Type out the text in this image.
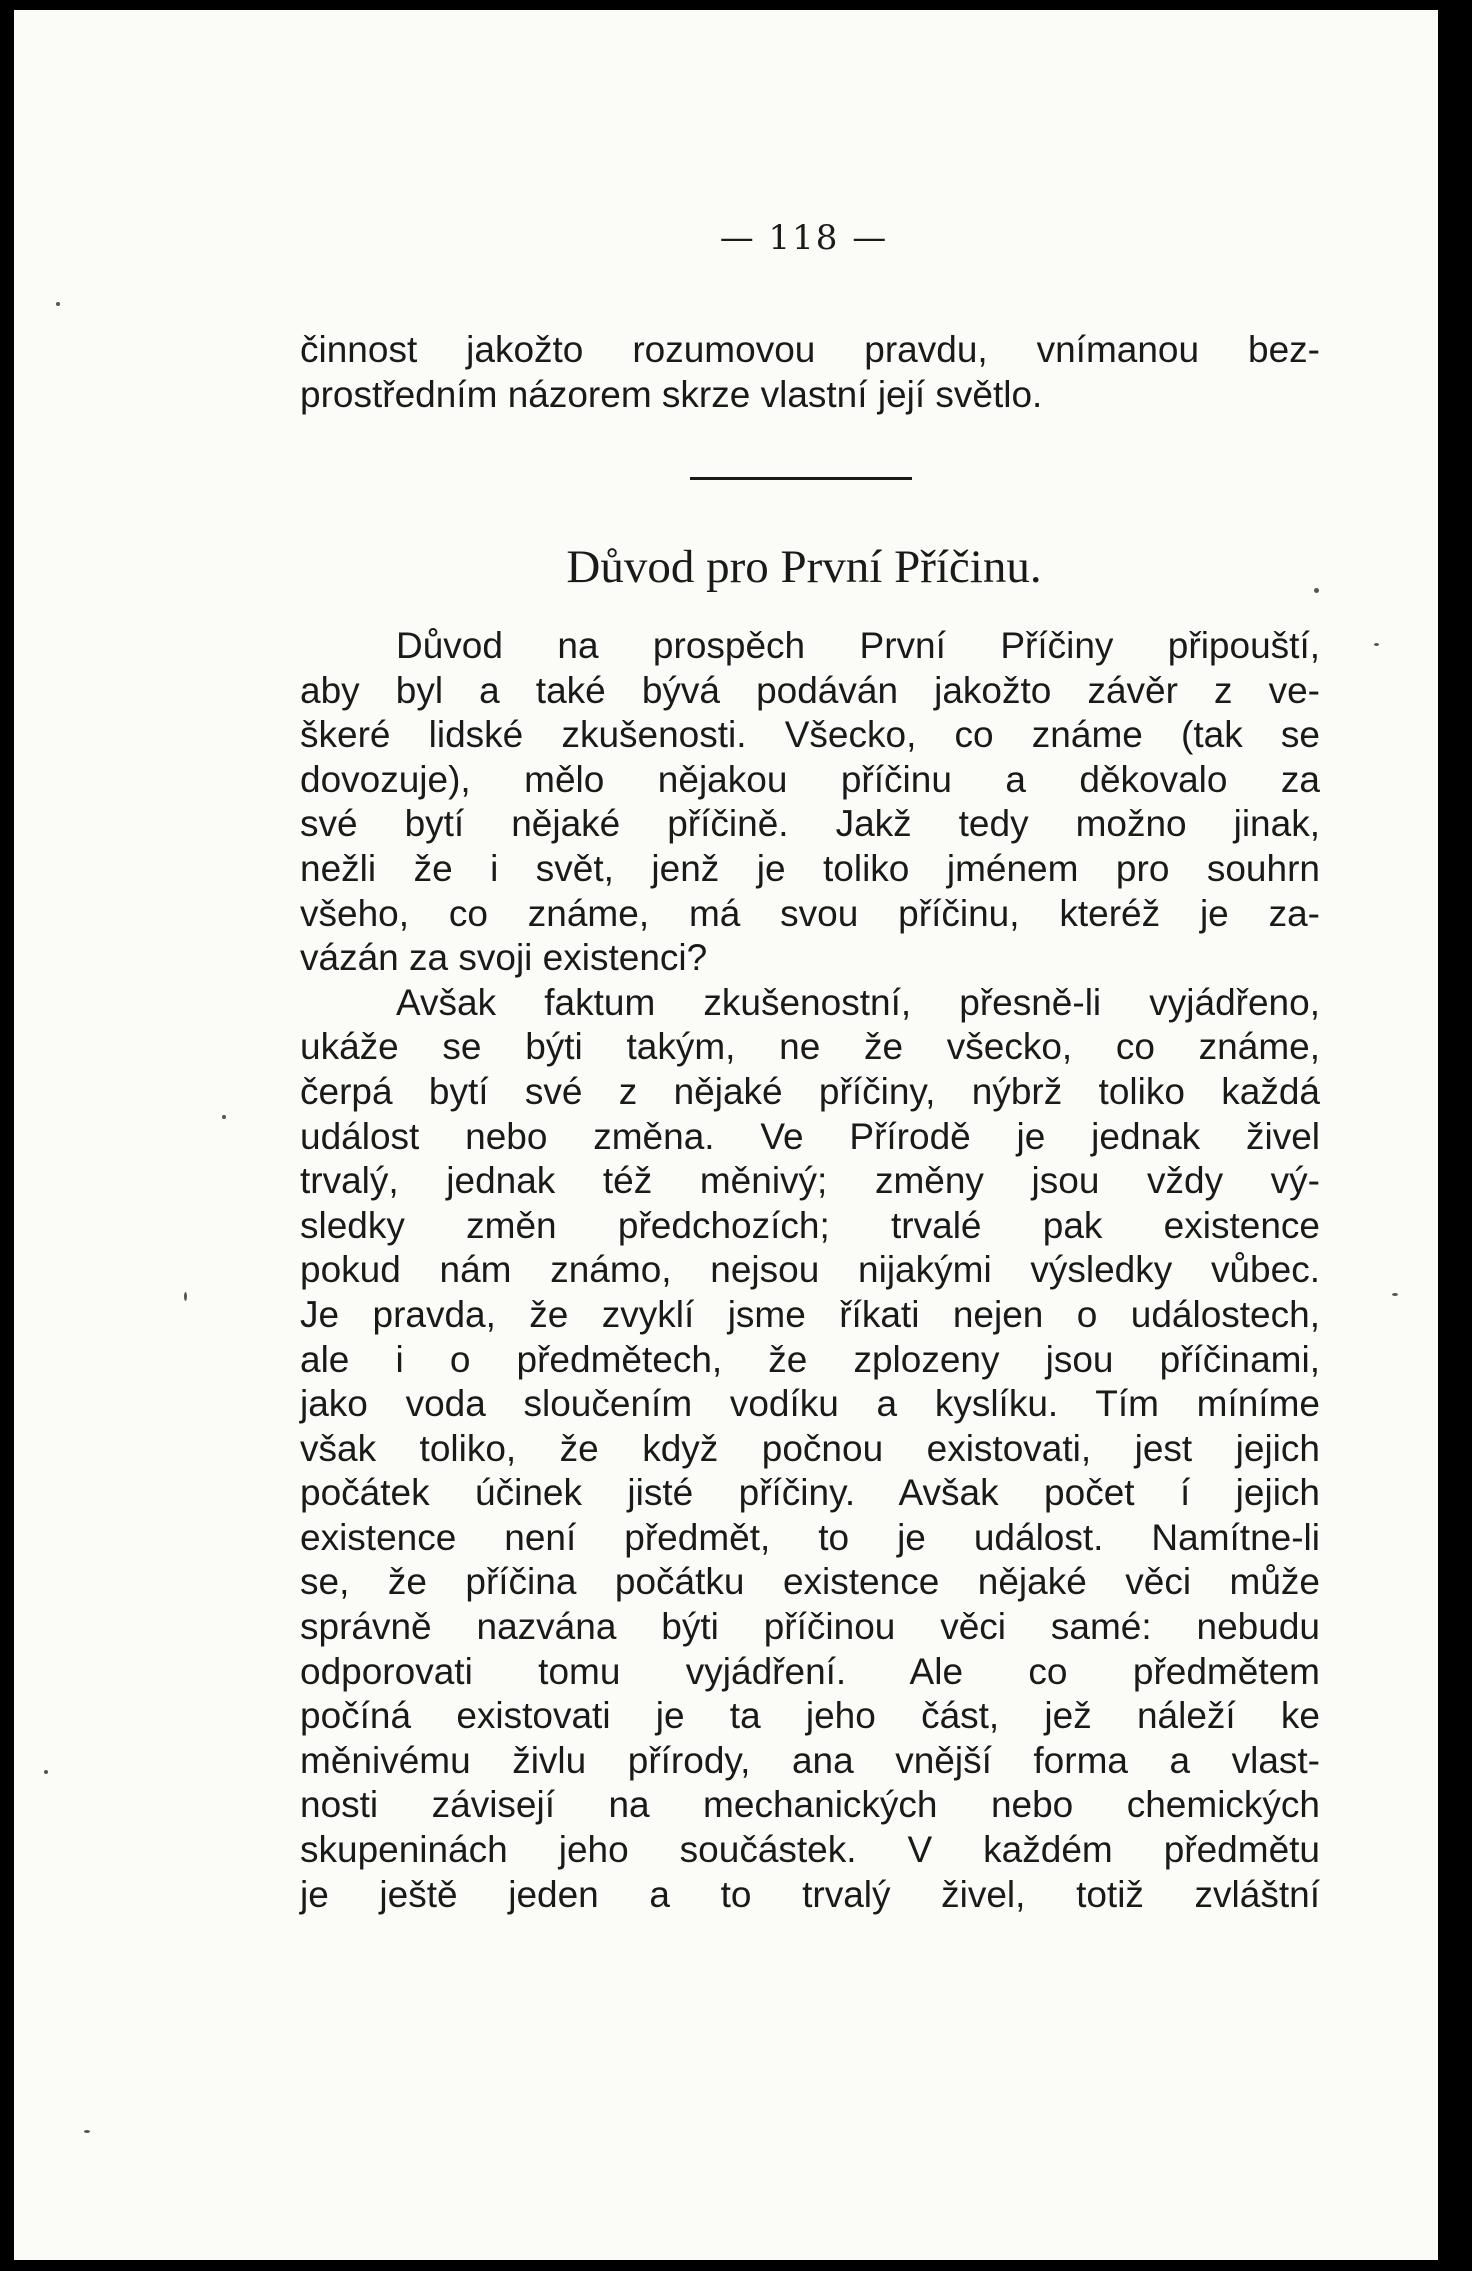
— 118 —
činnost jakožto rozumovou pravdu, vnímanou bez-
prostředním názorem skrze vlastní její světlo.
Důvod pro První Příčinu.
Důvod na prospěch První Příčiny připouští,
aby byl a také bývá podáván jakožto závěr z ve-
škeré lidské zkušenosti. Všecko, co známe (tak se
dovozuje), mělo nějakou příčinu a děkovalo za
své bytí nějaké příčině. Jakž tedy možno jinak,
nežli že i svět, jenž je toliko jménem pro souhrn
všeho, co známe, má svou příčinu, kteréž je za-
vázán za svoji existenci?
Avšak faktum zkušenostní, přesně-li vyjádřeno,
ukáže se býti takým, ne že všecko, co známe,
čerpá bytí své z nějaké příčiny, nýbrž toliko každá
událost nebo změna. Ve Přírodě je jednak živel
trvalý, jednak též měnivý; změny jsou vždy vý-
sledky změn předchozích; trvalé pak existence
pokud nám známo, nejsou nijakými výsledky vůbec.
Je pravda, že zvyklí jsme říkati nejen o událostech,
ale i o předmětech, že zplozeny jsou příčinami,
jako voda sloučením vodíku a kyslíku. Tím míníme
však toliko, že když počnou existovati, jest jejich
počátek účinek jisté příčiny. Avšak počet í jejich
existence není předmět, to je událost. Namítne-li
se, že příčina počátku existence nějaké věci může
správně nazvána býti příčinou věci samé: nebudu
odporovati tomu vyjádření. Ale co předmětem
počíná existovati je ta jeho část, jež náleží ke
měnivému živlu přírody, ana vnější forma a vlast-
nosti závisejí na mechanických nebo chemických
skupeninách jeho součástek. V každém předmětu
je ještě jeden a to trvalý živel, totiž zvláštní
